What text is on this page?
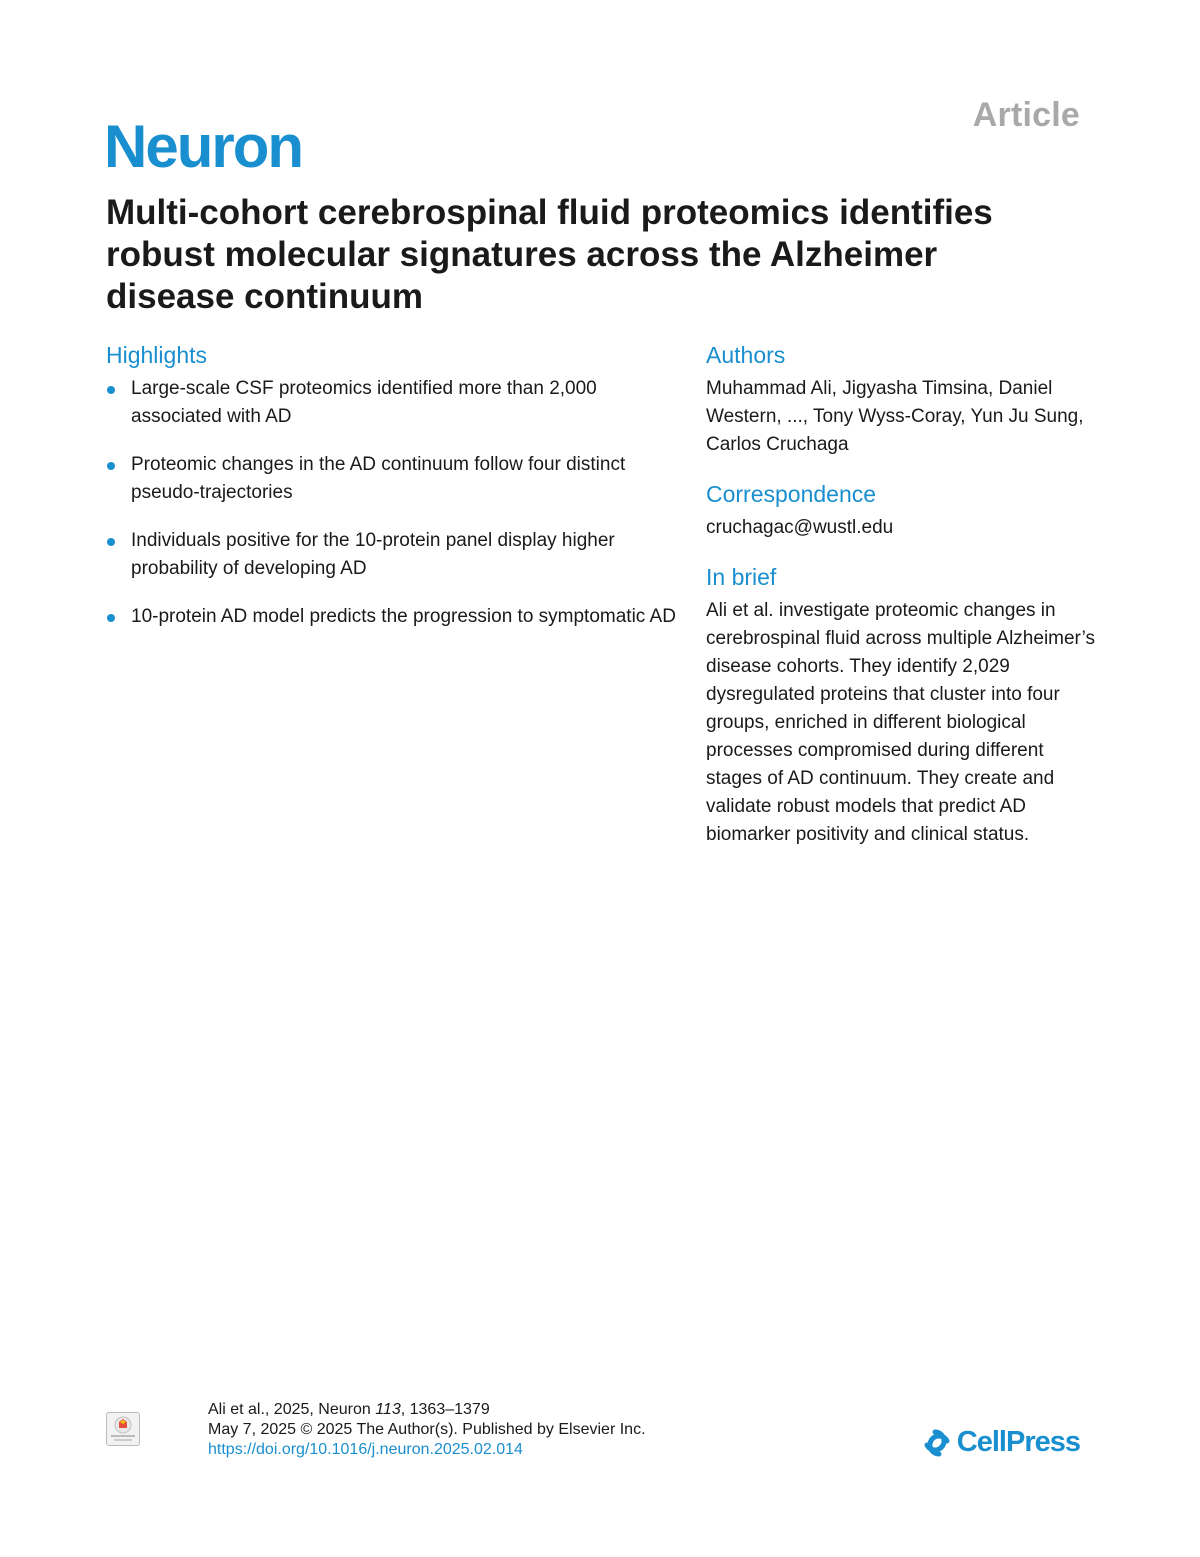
Article
Neuron
Multi-cohort cerebrospinal fluid proteomics identifies robust molecular signatures across the Alzheimer disease continuum
Highlights
Large-scale CSF proteomics identified more than 2,000 associated with AD
Proteomic changes in the AD continuum follow four distinct pseudo-trajectories
Individuals positive for the 10-protein panel display higher probability of developing AD
10-protein AD model predicts the progression to symptomatic AD
Authors

Muhammad Ali, Jigyasha Timsina, Daniel Western, ..., Tony Wyss-Coray, Yun Ju Sung, Carlos Cruchaga

Correspondence

cruchagac@wustl.edu

In brief

Ali et al. investigate proteomic changes in cerebrospinal fluid across multiple Alzheimer’s disease cohorts. They identify 2,029 dysregulated proteins that cluster into four groups, enriched in different biological processes compromised during different stages of AD continuum. They create and validate robust models that predict AD biomarker positivity and clinical status.

Ali et al., 2025, Neuron 113, 1363–1379
May 7, 2025 © 2025 The Author(s). Published by Elsevier Inc.
https://doi.org/10.1016/j.neuron.2025.02.014	CellPress
